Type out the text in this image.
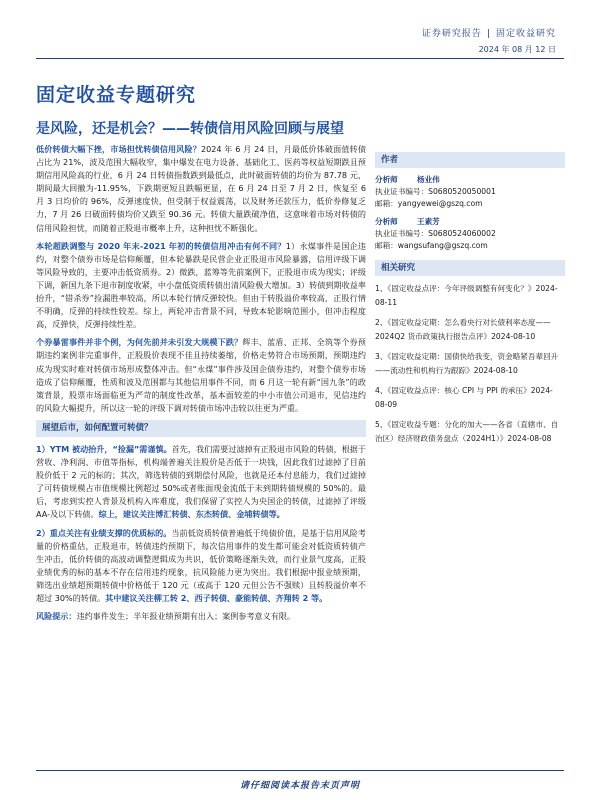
证券研究报告 | 固定收益研究
2024 年 08 月 12 日
固定收益专题研究
是风险，还是机会？——转债信用风险回顾与展望

低价转债大幅下挫，市场担忧转债信用风险？2024 年 6 月 24 日，月最低价体破面值转债占比为 21%，波及范围大幅收窄，集中爆发在电力设备、基础化工、医药等权益短期跌且预期信用风险高的行业，6 月 24 日转债指数跌到最低点，此时破面转债的均价为 87.78 元，期间最大回撤为-11.95%，下跌期更短且跌幅更显，在 6 月 24 日至 7 月 2 日，恢复至 6 月 3 日均价的 96%，反弹速度快，但受制于权益震荡，以及财务还款压力，低价券修复乏力，7 月 26 日破面转债均价又跌至 90.36 元。转债大量跌破净值，这意味着市场对转债的信用风险担忧，而随着正股退市概率上升，这种担忧不断强化。

本轮超跌调整与 2020 年末-2021 年初的转债信用冲击有何不同？1）永煤事件是国企违约，对整个债券市场是信仰颠覆，但本轮暴跌是民营企业正股退市风险暴露，信用评级下调等风险导致的，主要冲击低资质券。2）微跌，蓝筹等先前案例下，正股退市成为现实；评级下调，新国九条下退市制度收紧，中小盘低资质转债出清风险极大增加。3）转债到期收益率抬升，“错杀券”捡漏胜率较高，所以本轮行情反弹较快。但由于转股溢价率较高，正股行情不明确，反弹的持续性较差。综上，两轮冲击背景不同，导致本轮影响范围小，但冲击程度高，反弹快，反弹持续性差。

个券暴雷事件并非个例，为何先前并未引发大规模下跌？辉丰、蓝盾、正邦、全筑等个券预期违约案例非完重事件，正股股价表现不佳且持续萎缩，价格走势符合市场预期，预期违约成为现实时难对转债市场形成整体冲击。但“永煤”事件涉及国企债券违约，对整个债券市场造成了信仰颠覆，性质和波及范围都与其他信用事件不同，而 6 月这一轮有新“国九条”的政策背景，股票市场面临更为严苛的制度性改革，基本面较差的中小市值公司退市，见信违约的风险大幅提升，所以这一轮的评级下调对转债市场冲击较以往更为严重。

展望后市，如何配置可转债？

1）YTM 被动抬升，“捡漏”需谨慎。首先，我们需要过滤掉有正股退市风险的转债，根据于营收、净利润、市值等指标，机构端普遍关注股价是否低于一块钱，因此我们过滤掉了目前股价低于 2 元的标的；其次，筛选转债的到期偿付风险，也就是还本付息能力，我们过滤掉了可转债规模占市值规模比例超过 50%或者账面现金流低于未到期转债规模的 50%的。最后，考虑到实控人背景及机构入库难度，我们保留了实控人为央国企的转债，过滤掉了评级 AA-及以下转债。综上，建议关注博汇转债、东杰转债、金埔转债等。

2）重点关注有业绩支撑的优质标的。当前低资质转债普遍低于纯债价值，是基于信用风险考量的价格重估，正股退市，转债违约预期下，每次信用事件的发生都可能会对低资质转债产生冲击，低价转债的高波动调整逻辑成为共识，低价策略逐渐失效，而行业景气度高，正股业绩优秀的标的基本不存在信用违约现象，抗风险能力更为突出。我们根据中报业绩预期，筛选出业绩超预期转债中价格低于 120 元（或高于 120 元但公告不强赎）且转股溢价率不超过 30%的转债。其中建议关注柳工转 2、西子转债、豪能转债、齐翔转 2 等。

风险提示：违约事件发生；半年报业绩预期有出入；案例参考意义有限。
作者
分析师	杨业伟
执业证书编号：S0680520050001
邮箱：yangyewei@gszq.com
分析师	王素芳
执业证书编号：S0680524060002
邮箱：wangsufang@gszq.com
相关研究
1、《固定收益点评：今年评级调整有何变化？》2024-08-11
2、《固定收益定期：怎么看央行对长债利率态度——2024Q2 货币政策执行报告点评》2024-08-10
3、《固定收益定期：国债快给我变，资金略紧吾辈回升——流动性和机构行为跟踪》2024-08-10
4、《固定收益点评：核心 CPI 与 PPI 的承压》2024-08-09
5、《固定收益专题：分化的加大——各省（直辖市、自治区）经济财政债务盘点（2024H1）》2024-08-08
请仔细阅读本报告末页声明
